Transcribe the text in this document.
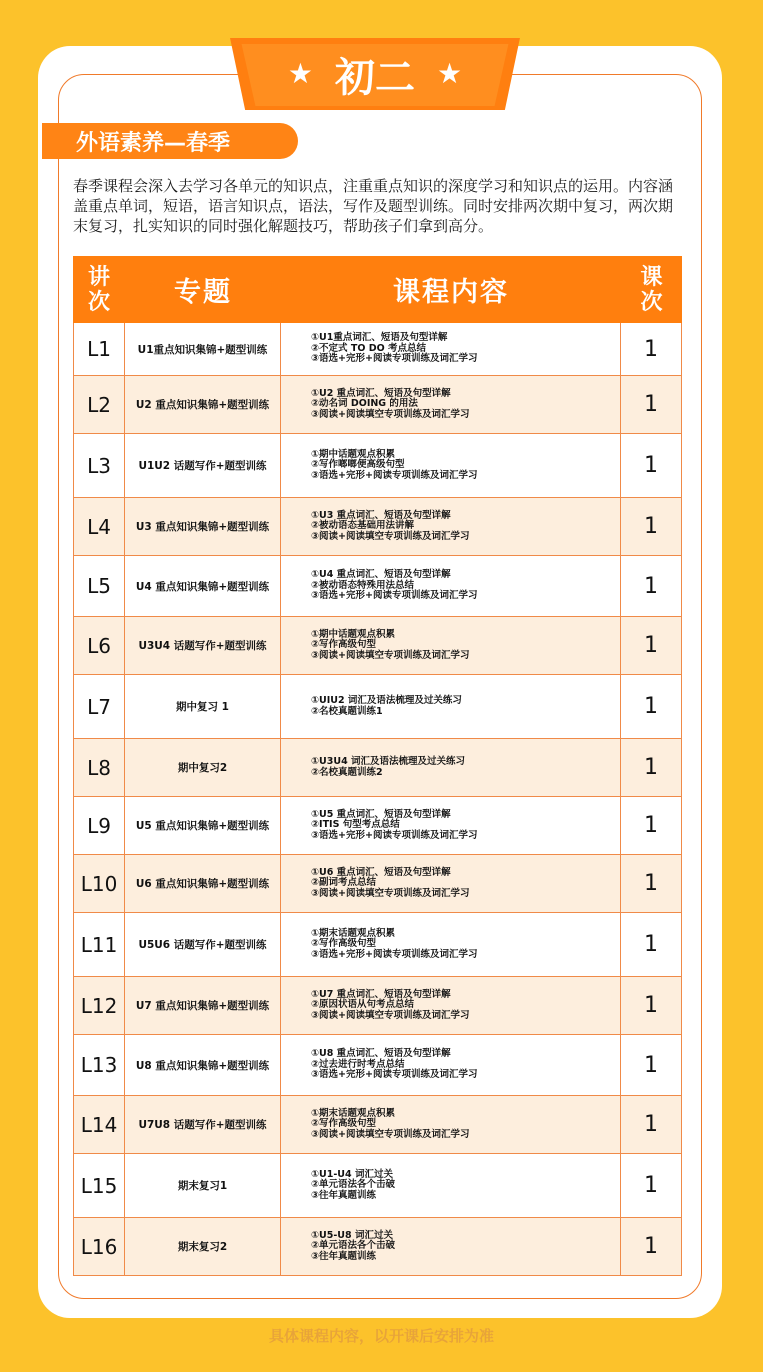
★ 初二 ★
外语素养—春季
春季课程会深入去学习各单元的知识点，注重重点知识的深度学习和知识点的运用。内容涵盖重点单词，短语，语言知识点，语法，写作及题型训练。同时安排两次期中复习，两次期末复习，扎实知识的同时强化解题技巧，帮助孩子们拿到高分。
讲
次	专题	课程内容	课
次
L1	U1重点知识集锦+题型训练
①U1重点词汇、短语及句型详解
②不定式 TO DO 考点总结
③语选+完形+阅读专项训练及词汇学习	1
L2	U2 重点知识集锦+题型训练
①U2 重点词汇、短语及句型详解
②动名词 DOING 的用法
③阅读+阅读填空专项训练及词汇学习	1
L3	U1U2 话题写作+题型训练
①期中话题观点积累
②写作啷啷便高级句型
③语选+完形+阅读专项训练及词汇学习	1
L4	U3 重点知识集锦+题型训练
①U3 重点词汇、短语及句型详解
②被动语态基础用法讲解
③阅读+阅读填空专项训练及词汇学习	1
L5	U4 重点知识集锦+题型训练
①U4 重点词汇、短语及句型详解
②被动语态特殊用法总结
③语选+完形+阅读专项训练及词汇学习	1
L6	U3U4 话题写作+题型训练
①期中话题观点积累
②写作高级句型
③阅读+阅读填空专项训练及词汇学习	1
L7	期中复习 1
①UIU2 词汇及语法梳理及过关练习
②名校真题训练1	1
L8	期中复习2
①U3U4 词汇及语法梳理及过关练习
②名校真题训练2	1
L9	U5 重点知识集锦+题型训练
①U5 重点词汇、短语及句型详解
②ITIS 句型考点总结
③语选+完形+阅读专项训练及词汇学习	1
L10	U6 重点知识集锦+题型训练
①U6 重点词汇、短语及句型详解
②副词考点总结
③阅读+阅读填空专项训练及词汇学习	1
L11	U5U6 话题写作+题型训练
①期末话题观点积累
②写作高级句型
③语选+完形+阅读专项训练及词汇学习	1
L12	U7 重点知识集锦+题型训练
①U7 重点词汇、短语及句型详解
②原因状语从句考点总结
③阅读+阅读填空专项训练及词汇学习	1
L13	U8 重点知识集锦+题型训练
①U8 重点词汇、短语及句型详解
②过去进行时考点总结
③语选+完形+阅读专项训练及词汇学习	1
L14	U7U8 话题写作+题型训练
①期末话题观点积累
②写作高级句型
③阅读+阅读填空专项训练及词汇学习	1
L15	期末复习1
①U1-U4 词汇过关
②单元语法各个击破
③往年真题训练	1
L16	期末复习2
①U5-U8 词汇过关
②单元语法各个击破
③往年真题训练	1
具体课程内容，以开课后安排为准
